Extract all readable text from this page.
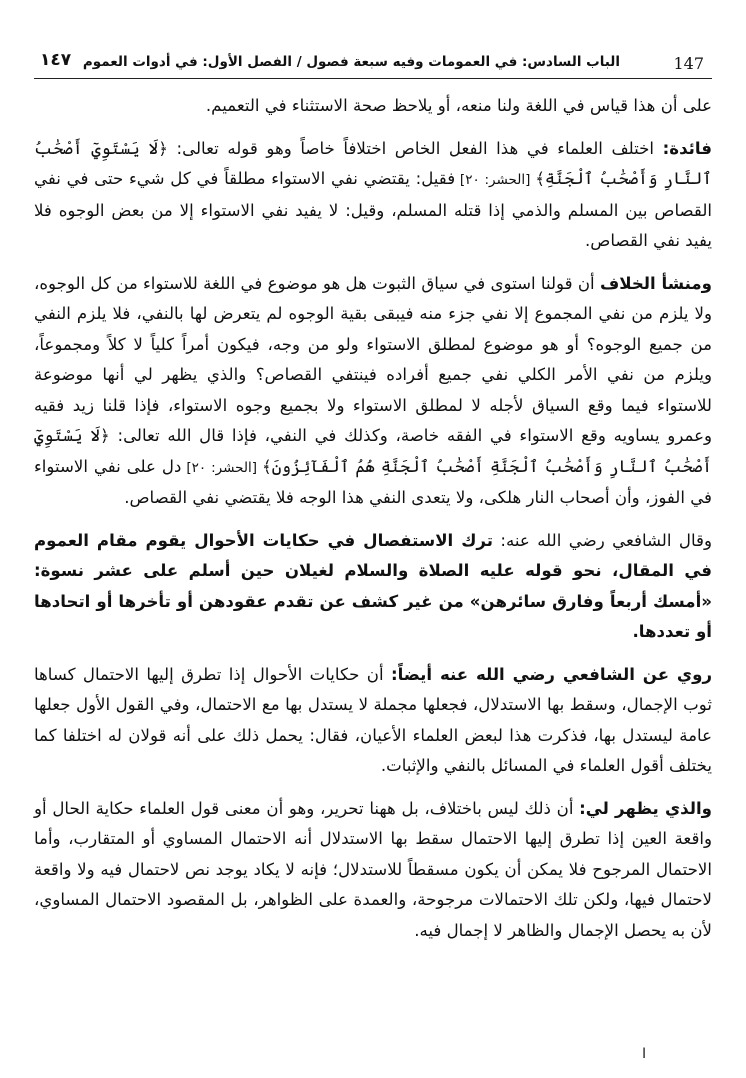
147
الباب السادس: في العمومات وفيه سبعة فصول / الفصل الأول: في أدوات العموم
١٤٧

على أن هذا قياس في اللغة ولنا منعه، أو يلاحظ صحة الاستثناء في التعميم.

فائدة: اختلف العلماء في هذا الفعل الخاص اختلافاً خاصاً وهو قوله تعالى: ﴿لَا يَسْتَوِيٓ أَصْحَٰبُ ٱلنَّارِ وَأَصْحَٰبُ ٱلْجَنَّةِ﴾ [الحشر: ٢٠] فقيل: يقتضي نفي الاستواء مطلقاً في كل شيء حتى في نفي القصاص بين المسلم والذمي إذا قتله المسلم، وقيل: لا يفيد نفي الاستواء إلا من بعض الوجوه فلا يفيد نفي القصاص.

ومنشأ الخلاف أن قولنا استوى في سياق الثبوت هل هو موضوع في اللغة للاستواء من كل الوجوه، ولا يلزم من نفي المجموع إلا نفي جزء منه فيبقى بقية الوجوه لم يتعرض لها بالنفي، فلا يلزم النفي من جميع الوجوه؟ أو هو موضوع لمطلق الاستواء ولو من وجه، فيكون أمراً كلياً لا كلاً ومجموعاً، ويلزم من نفي الأمر الكلي نفي جميع أفراده فينتفي القصاص؟ والذي يظهر لي أنها موضوعة للاستواء فيما وقع السياق لأجله لا لمطلق الاستواء ولا بجميع وجوه الاستواء، فإذا قلنا زيد فقيه وعمرو يساويه وقع الاستواء في الفقه خاصة، وكذلك في النفي، فإذا قال الله تعالى: ﴿لَا يَسْتَوِيٓ أَصْحَٰبُ ٱلنَّارِ وَأَصْحَٰبُ ٱلْجَنَّةِ أَصْحَٰبُ ٱلْجَنَّةِ هُمُ ٱلْفَآئِزُونَ﴾ [الحشر: ٢٠] دل على نفي الاستواء في الفوز، وأن أصحاب النار هلكى، ولا يتعدى النفي هذا الوجه فلا يقتضي نفي القصاص.

وقال الشافعي رضي الله عنه: ترك الاستفصال في حكايات الأحوال يقوم مقام العموم في المقال، نحو قوله عليه الصلاة والسلام لغيلان حين أسلم على عشر نسوة: «أمسك أربعاً وفارق سائرهن» من غير كشف عن تقدم عقودهن أو تأخرها أو اتحادها أو تعددها.

روي عن الشافعي رضي الله عنه أيضاً: أن حكايات الأحوال إذا تطرق إليها الاحتمال كساها ثوب الإجمال، وسقط بها الاستدلال، فجعلها مجملة لا يستدل بها مع الاحتمال، وفي القول الأول جعلها عامة ليستدل بها، فذكرت هذا لبعض العلماء الأعيان، فقال: يحمل ذلك على أنه قولان له اختلفا كما يختلف أقول العلماء في المسائل بالنفي والإثبات.

والذي يظهر لي: أن ذلك ليس باختلاف، بل ههنا تحرير، وهو أن معنى قول العلماء حكاية الحال أو واقعة العين إذا تطرق إليها الاحتمال سقط بها الاستدلال أنه الاحتمال المساوي أو المتقارب، وأما الاحتمال المرجوح فلا يمكن أن يكون مسقطاً للاستدلال؛ فإنه لا يكاد يوجد نص لاحتمال فيه ولا واقعة لاحتمال فيها، ولكن تلك الاحتمالات مرجوحة، والعمدة على الظواهر، بل المقصود الاحتمال المساوي، لأن به يحصل الإجمال والظاهر لا إجمال فيه.

ا
